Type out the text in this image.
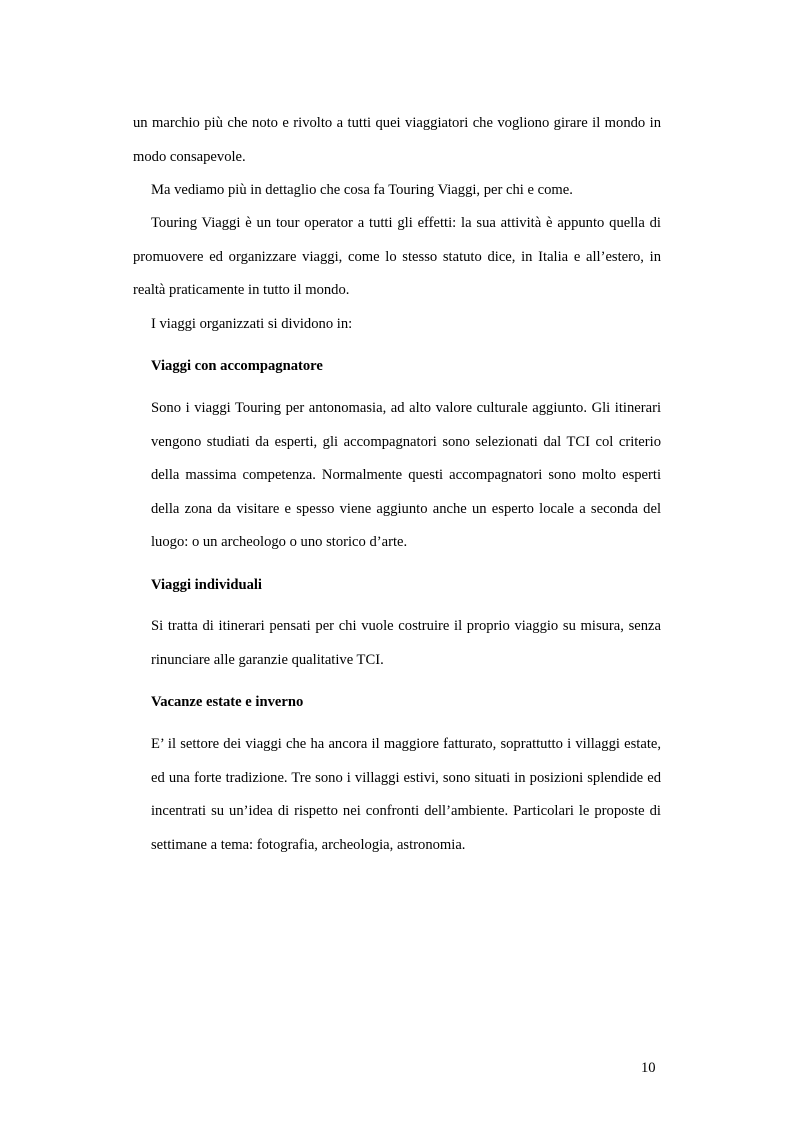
un marchio più che noto e rivolto a tutti quei viaggiatori che vogliono girare il mondo in modo consapevole.

Ma vediamo più in dettaglio che cosa fa Touring Viaggi, per chi e come.

Touring Viaggi è un tour operator a tutti gli effetti: la sua attività è appunto quella di promuovere ed organizzare viaggi, come lo stesso statuto dice, in Italia e all’estero, in realtà praticamente in tutto il mondo.

I viaggi organizzati si dividono in:

Viaggi con accompagnatore

Sono i viaggi Touring per antonomasia, ad alto valore culturale aggiunto. Gli itinerari vengono studiati da esperti, gli accompagnatori sono selezionati dal TCI col criterio della massima competenza. Normalmente questi accompagnatori sono molto esperti della zona da visitare e spesso viene aggiunto anche un esperto locale a seconda del luogo: o un archeologo o uno storico d’arte.

Viaggi individuali

Si tratta di itinerari pensati per chi vuole costruire il proprio viaggio su misura, senza rinunciare alle garanzie qualitative TCI.

Vacanze estate e inverno

E’ il settore dei viaggi che ha ancora il maggiore fatturato, soprattutto i villaggi estate, ed una forte tradizione. Tre sono i villaggi estivi, sono situati in posizioni splendide ed incentrati su un’idea di rispetto nei confronti dell’ambiente. Particolari le proposte di settimane a tema: fotografia, archeologia, astronomia.

10
